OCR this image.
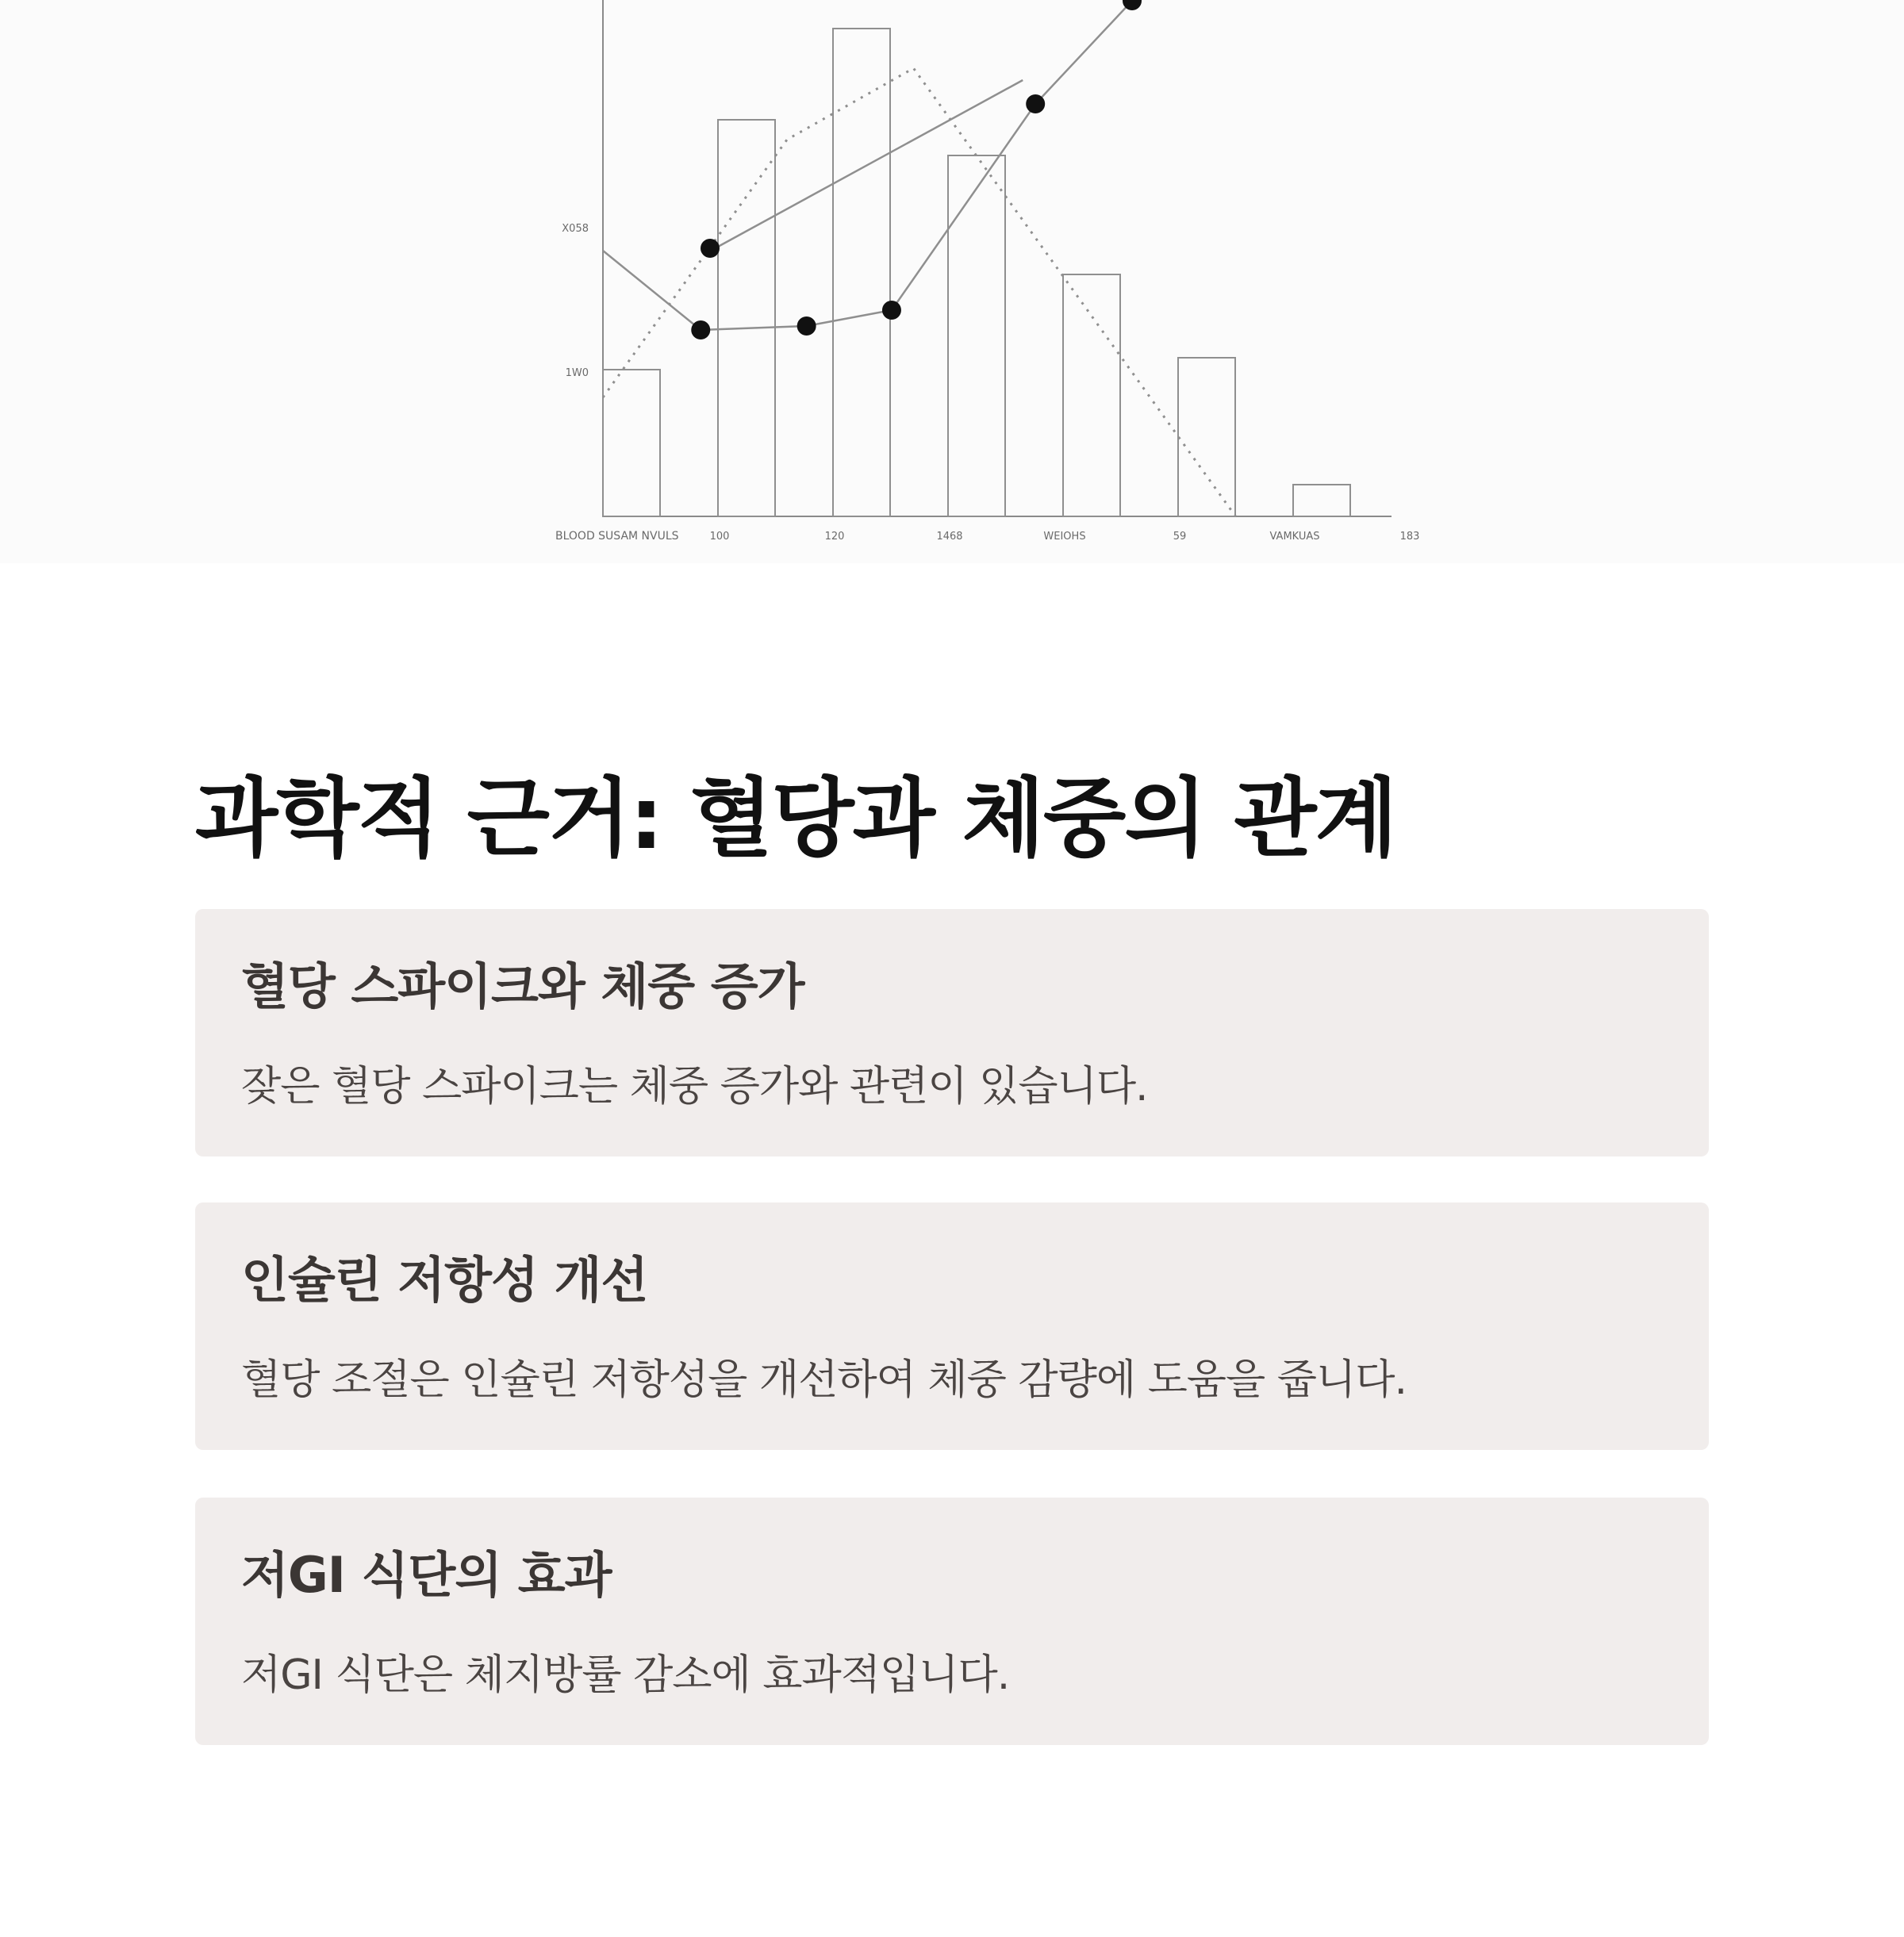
BLOOD SUSAM NVULS	100	120	1468	WEIOHS	59	VAMKUAS	183
X058
1W0
과학적 근거: 혈당과 체중의 관계
혈당 스파이크와 체중 증가

잦은 혈당 스파이크는 체중 증가와 관련이 있습니다.

인슐린 저항성 개선

혈당 조절은 인슐린 저항성을 개선하여 체중 감량에 도움을 줍니다.

저GI 식단의 효과

저GI 식단은 체지방률 감소에 효과적입니다.
